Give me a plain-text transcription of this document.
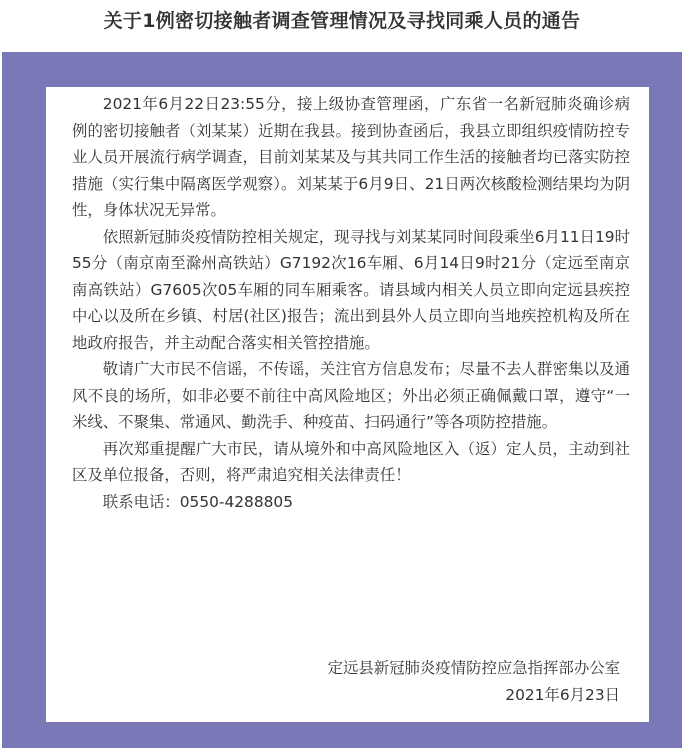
关于1例密切接触者调查管理情况及寻找同乘人员的通告

2021年6月22日23:55分，接上级协查管理函，广东省一名新冠肺炎确诊病例的密切接触者（刘某某）近期在我县。接到协查函后，我县立即组织疫情防控专业人员开展流行病学调查，目前刘某某及与其共同工作生活的接触者均已落实防控措施（实行集中隔离医学观察）。刘某某于6月9日、21日两次核酸检测结果均为阴性，身体状况无异常。

依照新冠肺炎疫情防控相关规定，现寻找与刘某某同时间段乘坐6月11日19时55分（南京南至滁州高铁站）G7192次16车厢、6月14日9时21分（定远至南京南高铁站）G7605次05车厢的同车厢乘客。请县域内相关人员立即向定远县疾控中心以及所在乡镇、村居(社区)报告；流出到县外人员立即向当地疾控机构及所在地政府报告，并主动配合落实相关管控措施。

敬请广大市民不信谣，不传谣，关注官方信息发布；尽量不去人群密集以及通风不良的场所，如非必要不前往中高风险地区；外出必须正确佩戴口罩，遵守“一米线、不聚集、常通风、勤洗手、种疫苗、扫码通行”等各项防控措施。

再次郑重提醒广大市民，请从境外和中高风险地区入（返）定人员，主动到社区及单位报备，否则，将严肃追究相关法律责任！

联系电话：0550-4288805

定远县新冠肺炎疫情防控应急指挥部办公室
2021年6月23日
